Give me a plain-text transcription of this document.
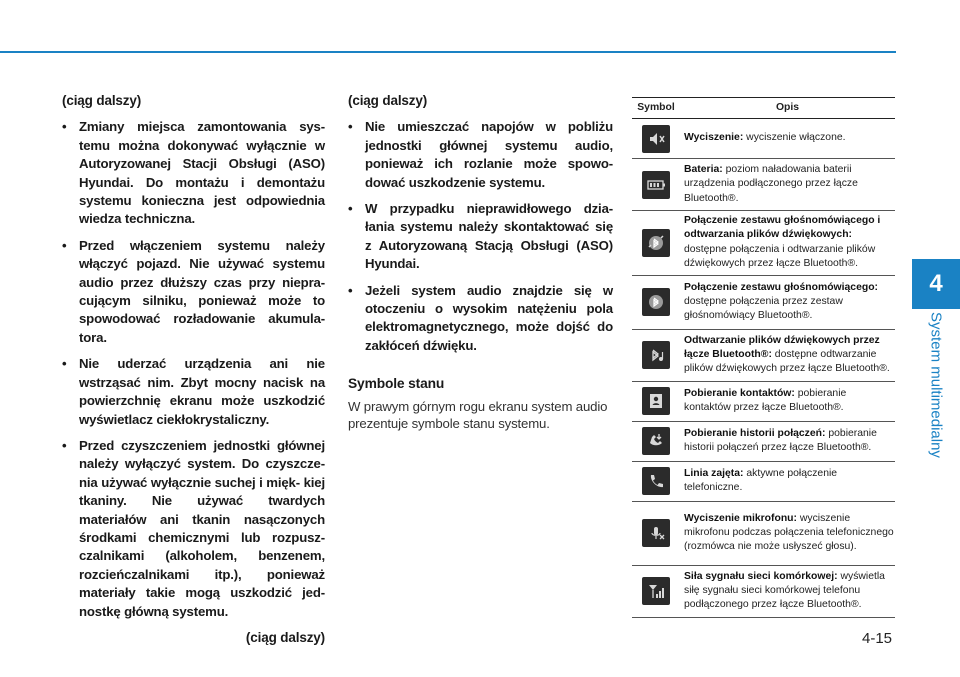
4
System multimedialny

(ciąg dalszy)

• Zmiany miejsca zamontowania sys- temu można dokonywać wyłącznie w Autoryzowanej Stacji Obsługi (ASO) Hyundai. Do montażu i demontażu systemu konieczna jest odpowiednia wiedza techniczna.
• Przed włączeniem systemu należy włączyć pojazd. Nie używać systemu audio przez dłuższy czas przy niepra- cującym silniku, ponieważ może to spowodować rozładowanie akumula- tora.
• Nie uderzać urządzenia ani nie wstrząsać nim. Zbyt mocny nacisk na powierzchnię ekranu może uszkodzić wyświetlacz ciekłokrystaliczny.
• Przed czyszczeniem jednostki głównej należy wyłączyć system. Do czyszcze- nia używać wyłącznie suchej i mięk- kiej tkaniny. Nie używać twardych materiałów ani tkanin nasączonych środkami chemicznymi lub rozpusz- czalnikami (alkoholem, benzenem, rozcieńczalnikami itp.), ponieważ materiały takie mogą uszkodzić jed- nostkę główną systemu.

(ciąg dalszy)

(ciąg dalszy)

• Nie umieszczać napojów w pobliżu jednostki głównej systemu audio, ponieważ ich rozlanie może spowo- dować uszkodzenie systemu.
• W przypadku nieprawidłowego dzia- łania systemu należy skontaktować się z Autoryzowaną Stacją Obsługi (ASO) Hyundai.
• Jeżeli system audio znajdzie się w otoczeniu o wysokim natężeniu pola elektromagnetycznego, może dojść do zakłóceń dźwięku.
Symbole stanu

W prawym górnym rogu ekranu system audio prezentuje symbole stanu systemu.

Symbol	Opis

	Wyciszenie: wyciszenie włączone.

	Bateria: poziom naładowania baterii urządzenia podłączonego przez łącze Bluetooth®.

	Połączenie zestawu głośnomówiącego i odtwarzania plików dźwiękowych: dostępne połączenia i odtwarzanie plików dźwiękowych przez łącze Bluetooth®.

	Połączenie zestawu głośnomówiącego: dostępne połączenia przez zestaw głośnomówiący Bluetooth®.

	Odtwarzanie plików dźwiękowych przez łącze Bluetooth®: dostępne odtwarzanie plików dźwiękowych przez łącze Bluetooth®.

	Pobieranie kontaktów: pobieranie kontaktów przez łącze Bluetooth®.

	Pobieranie historii połączeń: pobieranie historii połączeń przez łącze Bluetooth®.

	Linia zajęta: aktywne połączenie telefoniczne.

	Wyciszenie mikrofonu: wyciszenie mikrofonu podczas połączenia telefonicznego (rozmówca nie może usłyszeć głosu).

	Siła sygnału sieci komórkowej: wyświetla siłę sygnału sieci komórkowej telefonu podłączonego przez łącze Bluetooth®.
4-15
